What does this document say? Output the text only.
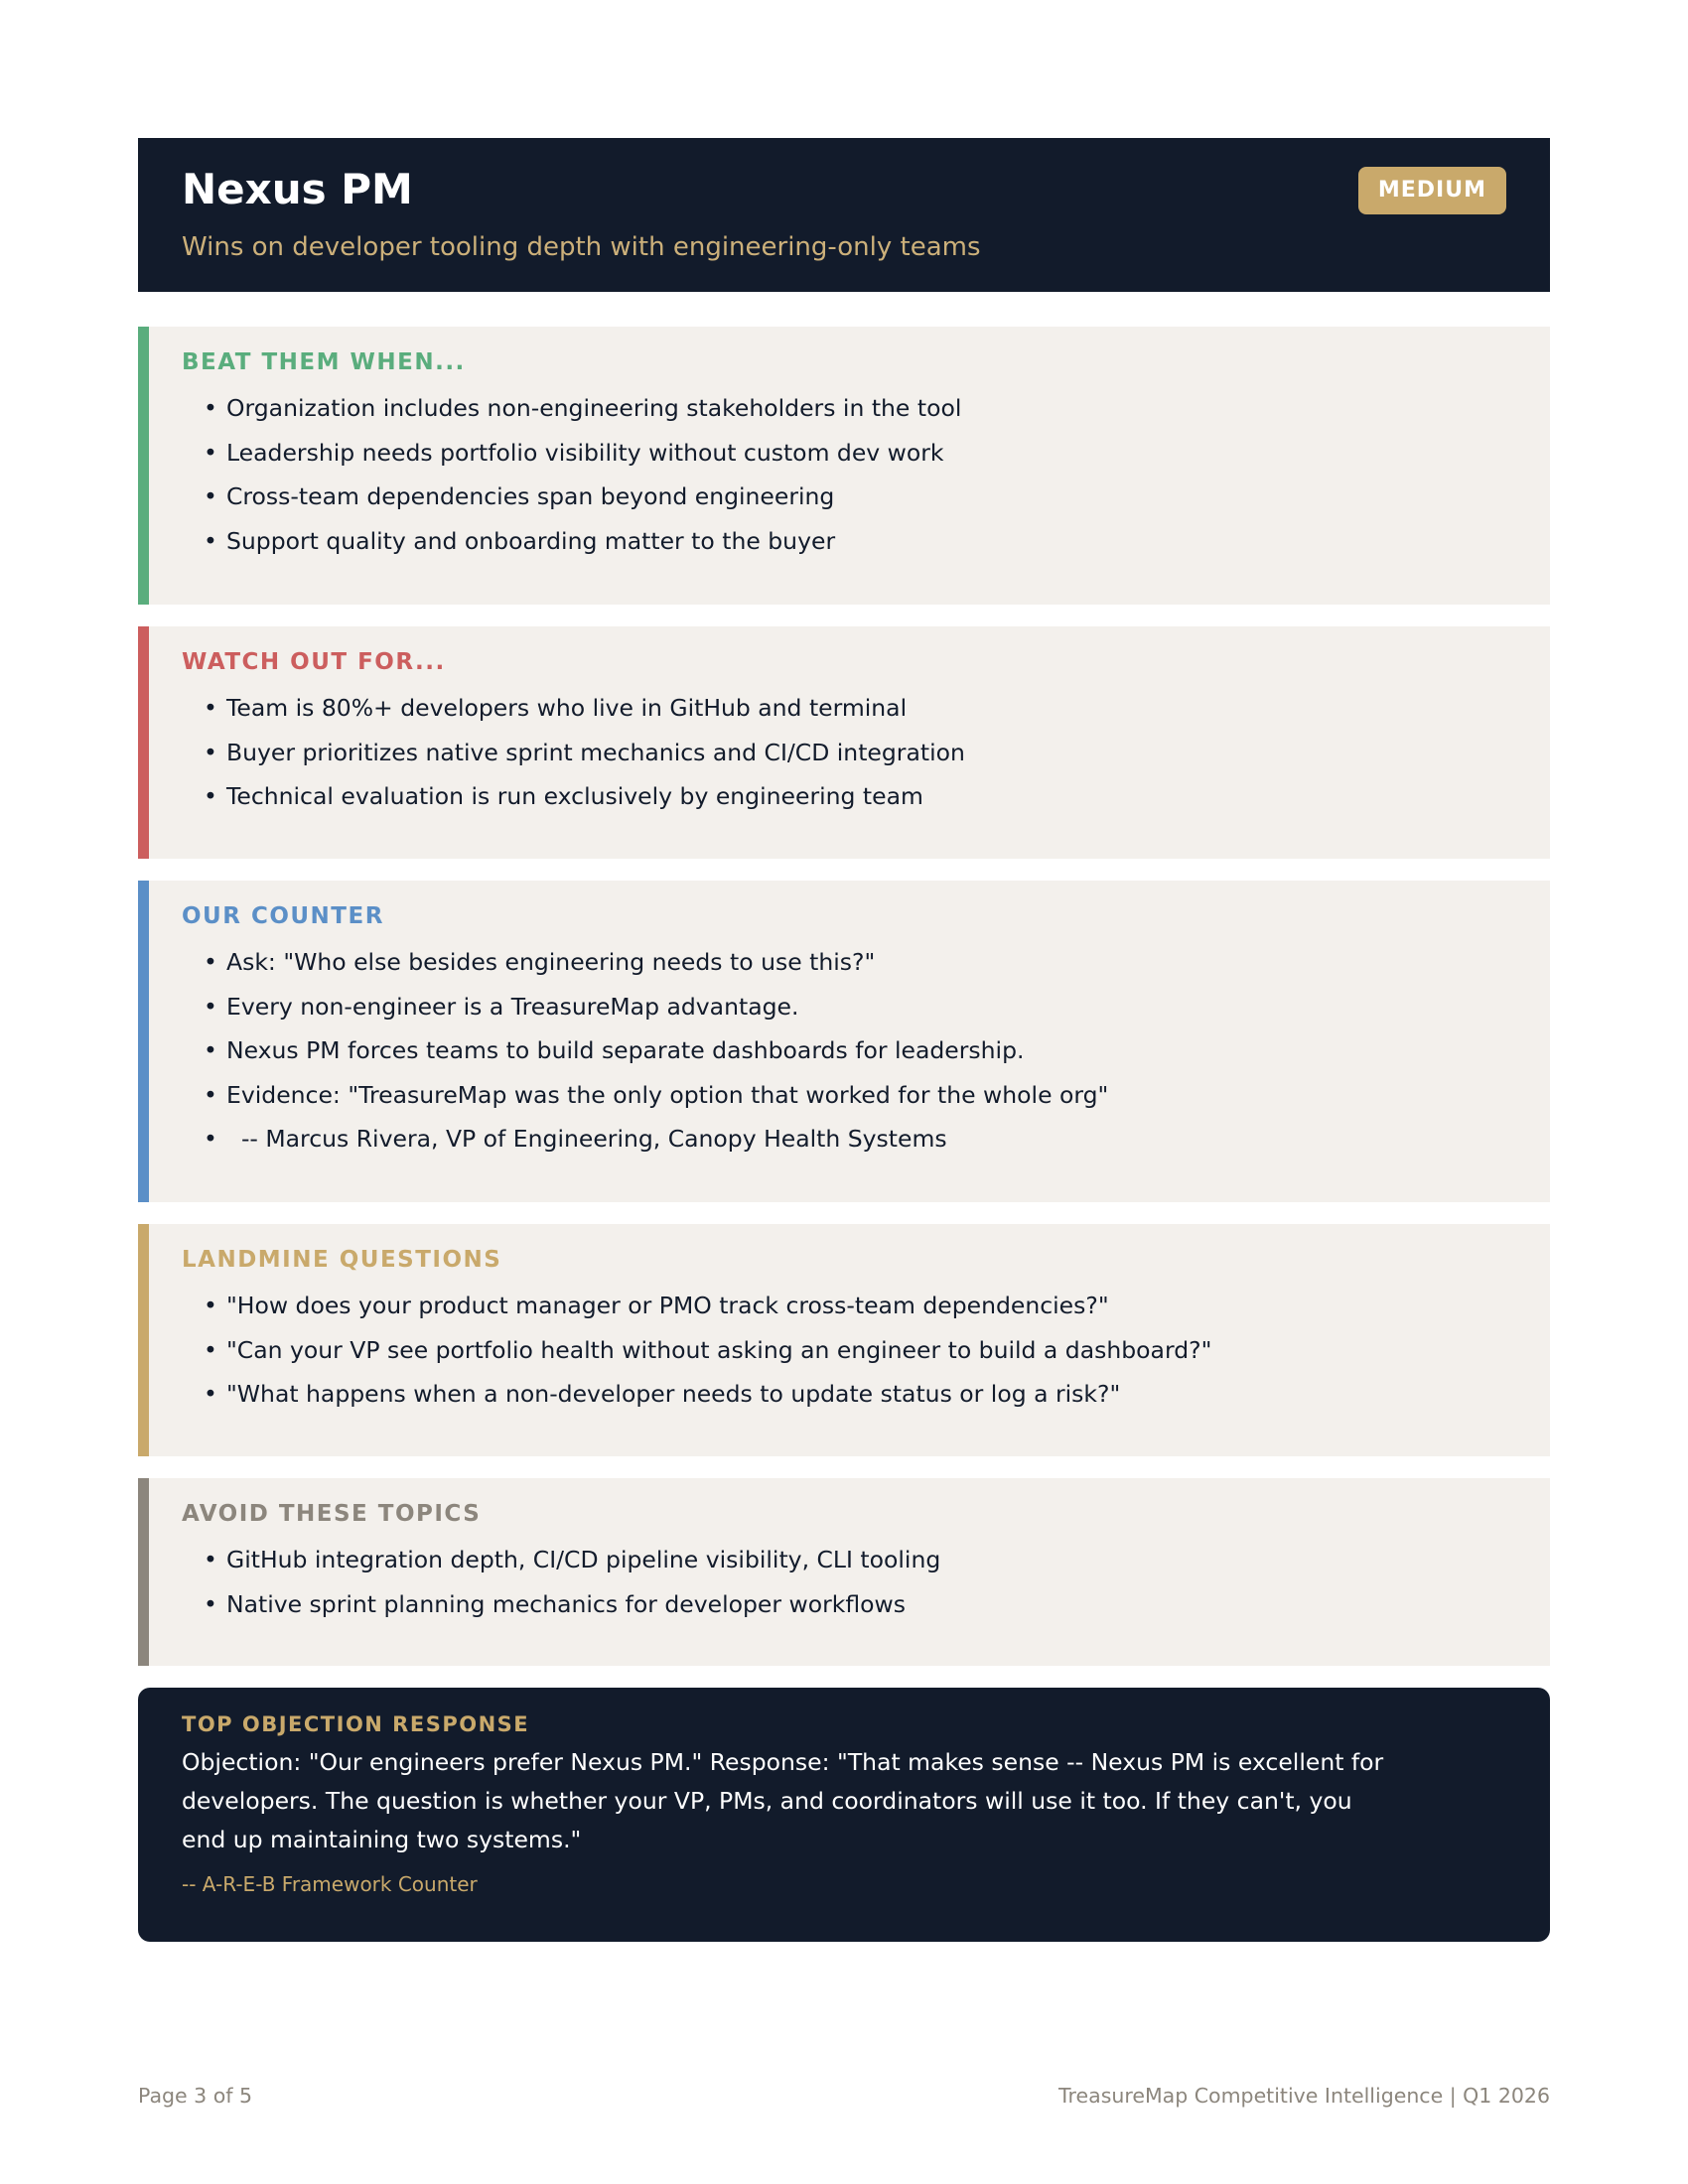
Nexus PM
Wins on developer tooling depth with engineering-only teams
MEDIUM
BEAT THEM WHEN...
• Organization includes non-engineering stakeholders in the tool
• Leadership needs portfolio visibility without custom dev work
• Cross-team dependencies span beyond engineering
• Support quality and onboarding matter to the buyer
WATCH OUT FOR...
• Team is 80%+ developers who live in GitHub and terminal
• Buyer prioritizes native sprint mechanics and CI/CD integration
• Technical evaluation is run exclusively by engineering team
OUR COUNTER
• Ask: "Who else besides engineering needs to use this?"
• Every non-engineer is a TreasureMap advantage.
• Nexus PM forces teams to build separate dashboards for leadership.
• Evidence: "TreasureMap was the only option that worked for the whole org"
•   -- Marcus Rivera, VP of Engineering, Canopy Health Systems
LANDMINE QUESTIONS
• "How does your product manager or PMO track cross-team dependencies?"
• "Can your VP see portfolio health without asking an engineer to build a dashboard?"
• "What happens when a non-developer needs to update status or log a risk?"
AVOID THESE TOPICS
• GitHub integration depth, CI/CD pipeline visibility, CLI tooling
• Native sprint planning mechanics for developer workflows
TOP OBJECTION RESPONSE
Objection: "Our engineers prefer Nexus PM." Response: "That makes sense -- Nexus PM is excellent for developers. The question is whether your VP, PMs, and coordinators will use it too. If they can't, you end up maintaining two systems."
-- A-R-E-B Framework Counter
Page 3 of 5	TreasureMap Competitive Intelligence | Q1 2026
